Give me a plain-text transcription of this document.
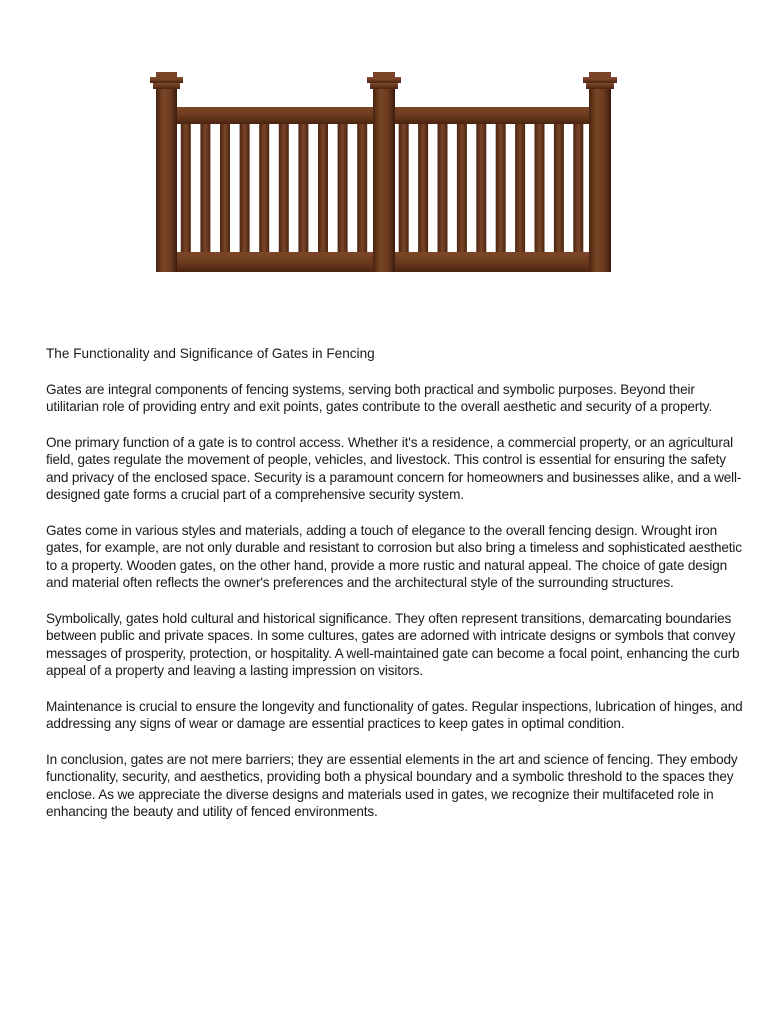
The Functionality and Significance of Gates in Fencing

Gates are integral components of fencing systems, serving both practical and symbolic purposes. Beyond their utilitarian role of providing entry and exit points, gates contribute to the overall aesthetic and security of a property.

One primary function of a gate is to control access. Whether it's a residence, a commercial property, or an agricultural field, gates regulate the movement of people, vehicles, and livestock. This control is essential for ensuring the safety and privacy of the enclosed space. Security is a paramount concern for homeowners and businesses alike, and a well-designed gate forms a crucial part of a comprehensive security system.

Gates come in various styles and materials, adding a touch of elegance to the overall fencing design. Wrought iron gates, for example, are not only durable and resistant to corrosion but also bring a timeless and sophisticated aesthetic to a property. Wooden gates, on the other hand, provide a more rustic and natural appeal. The choice of gate design and material often reflects the owner's preferences and the architectural style of the surrounding structures.

Symbolically, gates hold cultural and historical significance. They often represent transitions, demarcating boundaries between public and private spaces. In some cultures, gates are adorned with intricate designs or symbols that convey messages of prosperity, protection, or hospitality. A well-maintained gate can become a focal point, enhancing the curb appeal of a property and leaving a lasting impression on visitors.

Maintenance is crucial to ensure the longevity and functionality of gates. Regular inspections, lubrication of hinges, and addressing any signs of wear or damage are essential practices to keep gates in optimal condition.

In conclusion, gates are not mere barriers; they are essential elements in the art and science of fencing. They embody functionality, security, and aesthetics, providing both a physical boundary and a symbolic threshold to the spaces they enclose. As we appreciate the diverse designs and materials used in gates, we recognize their multifaceted role in enhancing the beauty and utility of fenced environments.
